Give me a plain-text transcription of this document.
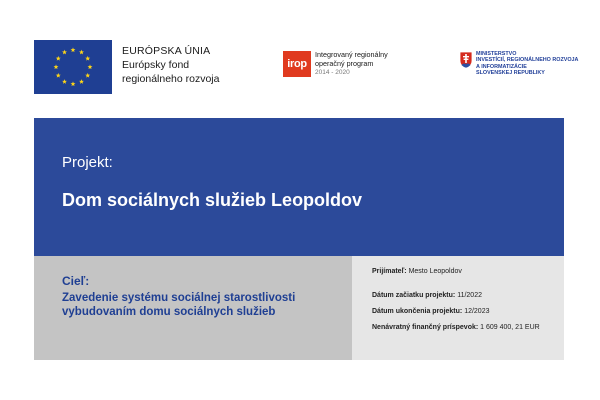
EURÓPSKA ÚNIA
Európsky fond
regionálneho rozvoja
irop
Integrovaný regionálny
operačný program
2014 - 2020
MINISTERSTVO
INVESTÍCIÍ, REGIONÁLNEHO ROZVOJA
A INFORMATIZÁCIE
SLOVENSKEJ REPUBLIKY
Projekt:
Dom sociálnych služieb Leopoldov
Cieľ:
Zavedenie systému sociálnej starostlivosti
vybudovaním domu sociálnych služieb
Prijímateľ: Mesto Leopoldov
Dátum začiatku projektu: 11/2022
Dátum ukončenia projektu: 12/2023
Nenávratný finančný príspevok: 1 609 400, 21 EUR
